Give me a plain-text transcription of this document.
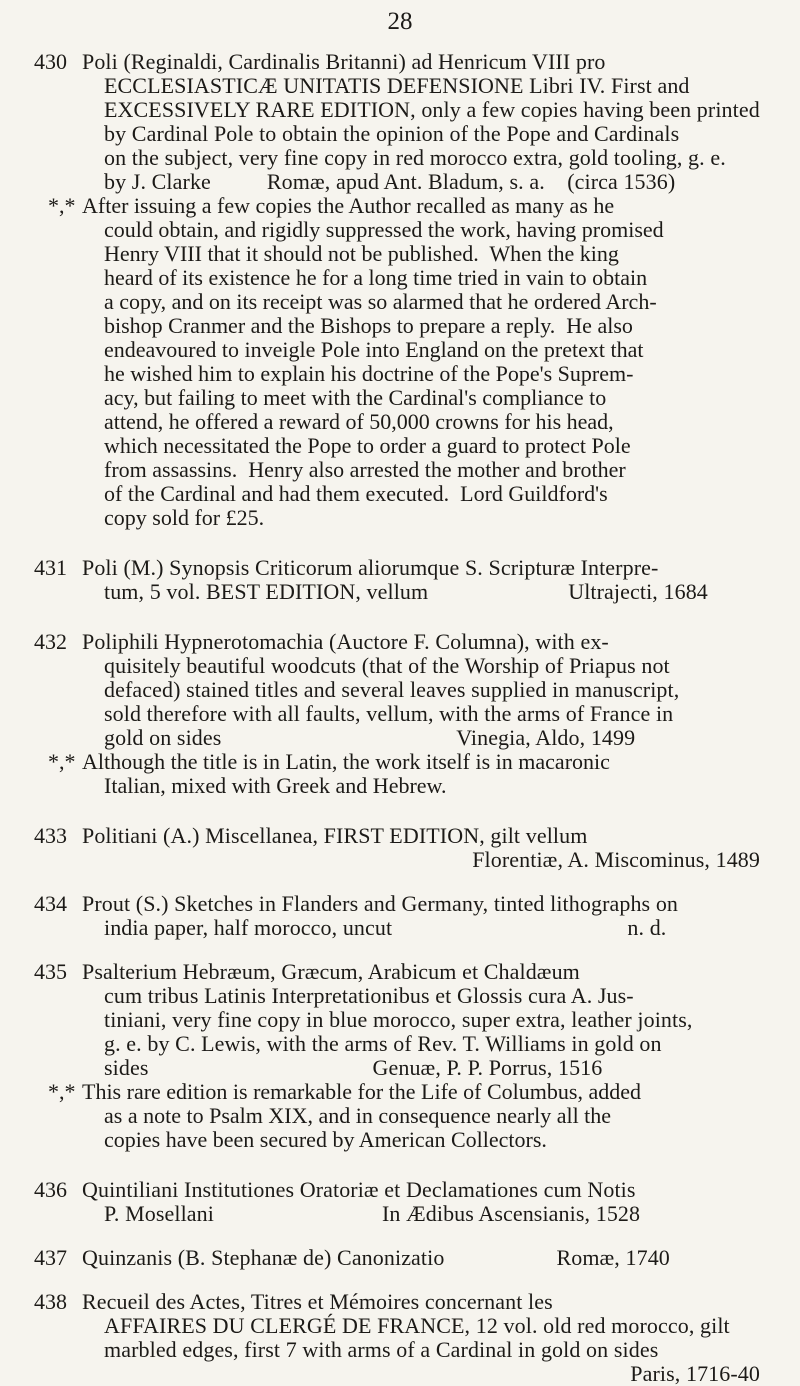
28
430 Poli (Reginaldi, Cardinalis Britanni) ad Henricum VIII pro
ECCLESIASTICÆ UNITATIS DEFENSIONE Libri IV. First and
EXCESSIVELY RARE EDITION, only a few copies having been printed
by Cardinal Pole to obtain the opinion of the Pope and Cardinals
on the subject, very fine copy in red morocco extra, gold tooling, g. e.
by J. Clarke          Romæ, apud Ant. Bladum, s. a.    (circa 1536)
*,* After issuing a few copies the Author recalled as many as he
could obtain, and rigidly suppressed the work, having promised
Henry VIII that it should not be published.  When the king
heard of its existence he for a long time tried in vain to obtain
a copy, and on its receipt was so alarmed that he ordered Arch-
bishop Cranmer and the Bishops to prepare a reply.  He also
endeavoured to inveigle Pole into England on the pretext that
he wished him to explain his doctrine of the Pope's Suprem-
acy, but failing to meet with the Cardinal's compliance to
attend, he offered a reward of 50,000 crowns for his head,
which necessitated the Pope to order a guard to protect Pole
from assassins.  Henry also arrested the mother and brother
of the Cardinal and had them executed.  Lord Guildford's
copy sold for £25.
431 Poli (M.) Synopsis Criticorum aliorumque S. Scripturæ Interpre-
tum, 5 vol. BEST EDITION, vellum                         Ultrajecti, 1684
432 Poliphili Hypnerotomachia (Auctore F. Columna), with ex-
quisitely beautiful woodcuts (that of the Worship of Priapus not
defaced) stained titles and several leaves supplied in manuscript,
sold therefore with all faults, vellum, with the arms of France in
gold on sides                                          Vinegia, Aldo, 1499
*,* Although the title is in Latin, the work itself is in macaronic
Italian, mixed with Greek and Hebrew.
433 Politiani (A.) Miscellanea, FIRST EDITION, gilt vellum
Florentiæ, A. Miscominus, 1489
434 Prout (S.) Sketches in Flanders and Germany, tinted lithographs on
india paper, half morocco, uncut                                          n. d.
435 Psalterium Hebræum, Græcum, Arabicum et Chaldæum
cum tribus Latinis Interpretationibus et Glossis cura A. Jus-
tiniani, very fine copy in blue morocco, super extra, leather joints,
g. e. by C. Lewis, with the arms of Rev. T. Williams in gold on
sides                                        Genuæ, P. P. Porrus, 1516
*,* This rare edition is remarkable for the Life of Columbus, added
as a note to Psalm XIX, and in consequence nearly all the
copies have been secured by American Collectors.
436 Quintiliani Institutiones Oratoriæ et Declamationes cum Notis
P. Mosellani                              In Ædibus Ascensianis, 1528
437 Quinzanis (B. Stephanæ de) Canonizatio                    Romæ, 1740
438 Recueil des Actes, Titres et Mémoires concernant les
AFFAIRES DU CLERGÉ DE FRANCE, 12 vol. old red morocco, gilt
marbled edges, first 7 with arms of a Cardinal in gold on sides
Paris, 1716-40
